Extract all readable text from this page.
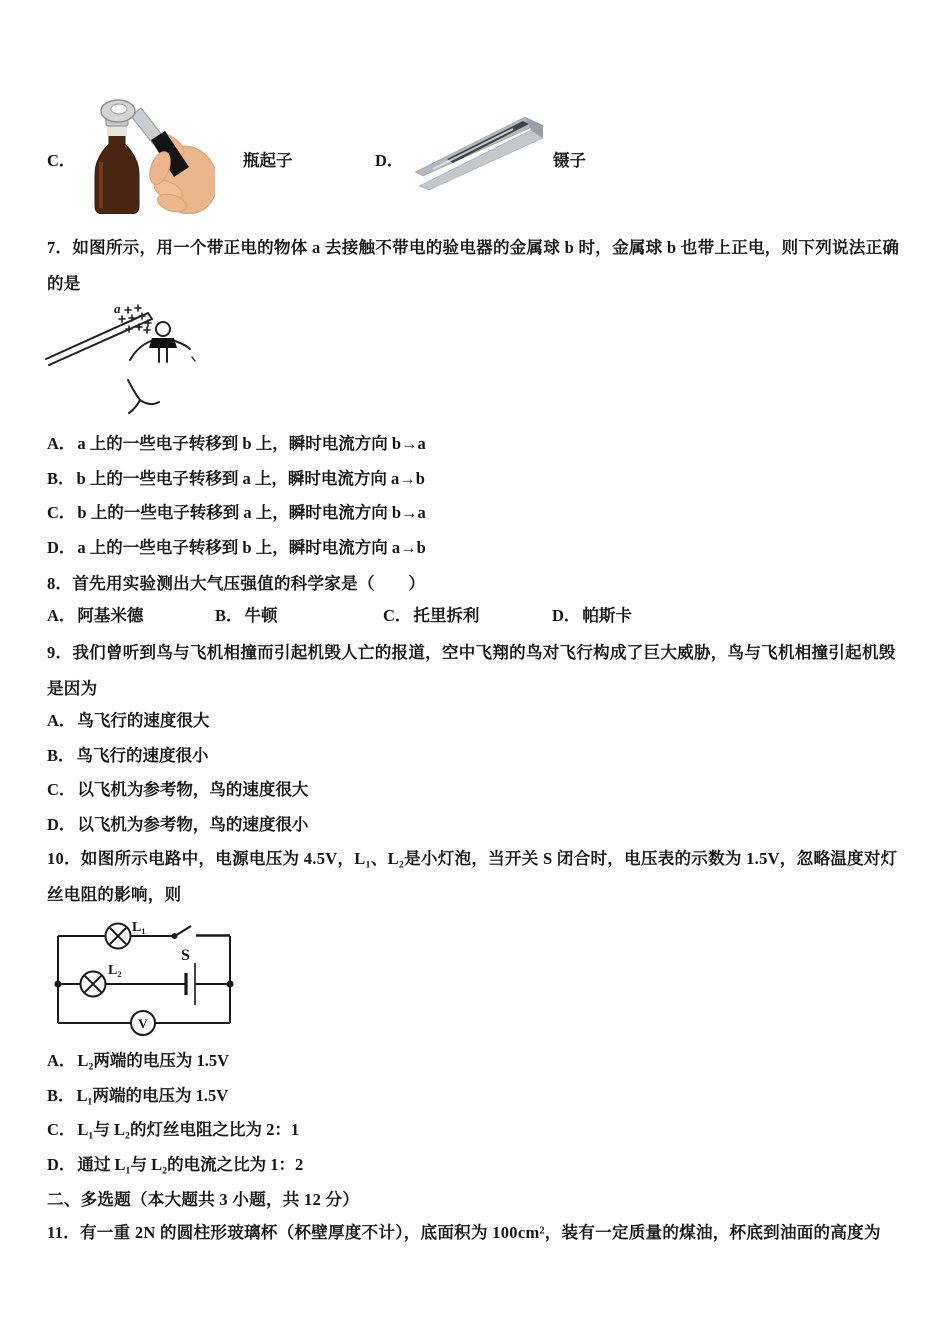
C．	瓶起子	D．	镊子

7．如图所示，用一个带正电的物体 a 去接触不带电的验电器的金属球 b 时，金属球 b 也带上正电，则下列说法正确的是

a
A． a 上的一些电子转移到 b 上，瞬时电流方向 b→a
B． b 上的一些电子转移到 a 上，瞬时电流方向 a→b
C． b 上的一些电子转移到 a 上，瞬时电流方向 b→a
D． a 上的一些电子转移到 b 上，瞬时电流方向 a→b

8．首先用实验测出大气压强值的科学家是（　　）

A． 阿基米德	B． 牛顿	C． 托里拆利	D． 帕斯卡

9．我们曾听到鸟与飞机相撞而引起机毁人亡的报道，空中飞翔的鸟对飞行构成了巨大威胁，鸟与飞机相撞引起机毁是因为

A． 鸟飞行的速度很大
B． 鸟飞行的速度很小
C． 以飞机为参考物，鸟的速度很大
D． 以飞机为参考物，鸟的速度很小

10．如图所示电路中，电源电压为 4.5V，L₁、L₂是小灯泡，当开关 S 闭合时，电压表的示数为 1.5V，忽略温度对灯丝电阻的影响，则

L₁
L₂
S
V
A． L₂两端的电压为 1.5V
B． L₁两端的电压为 1.5V
C． L₁与 L₂的灯丝电阻之比为 2：1
D． 通过 L₁与 L₂的电流之比为 1：2

二、多选题（本大题共 3 小题，共 12 分）

11．有一重 2N 的圆柱形玻璃杯（杯壁厚度不计），底面积为 100cm²，装有一定质量的煤油，杯底到油面的高度为
